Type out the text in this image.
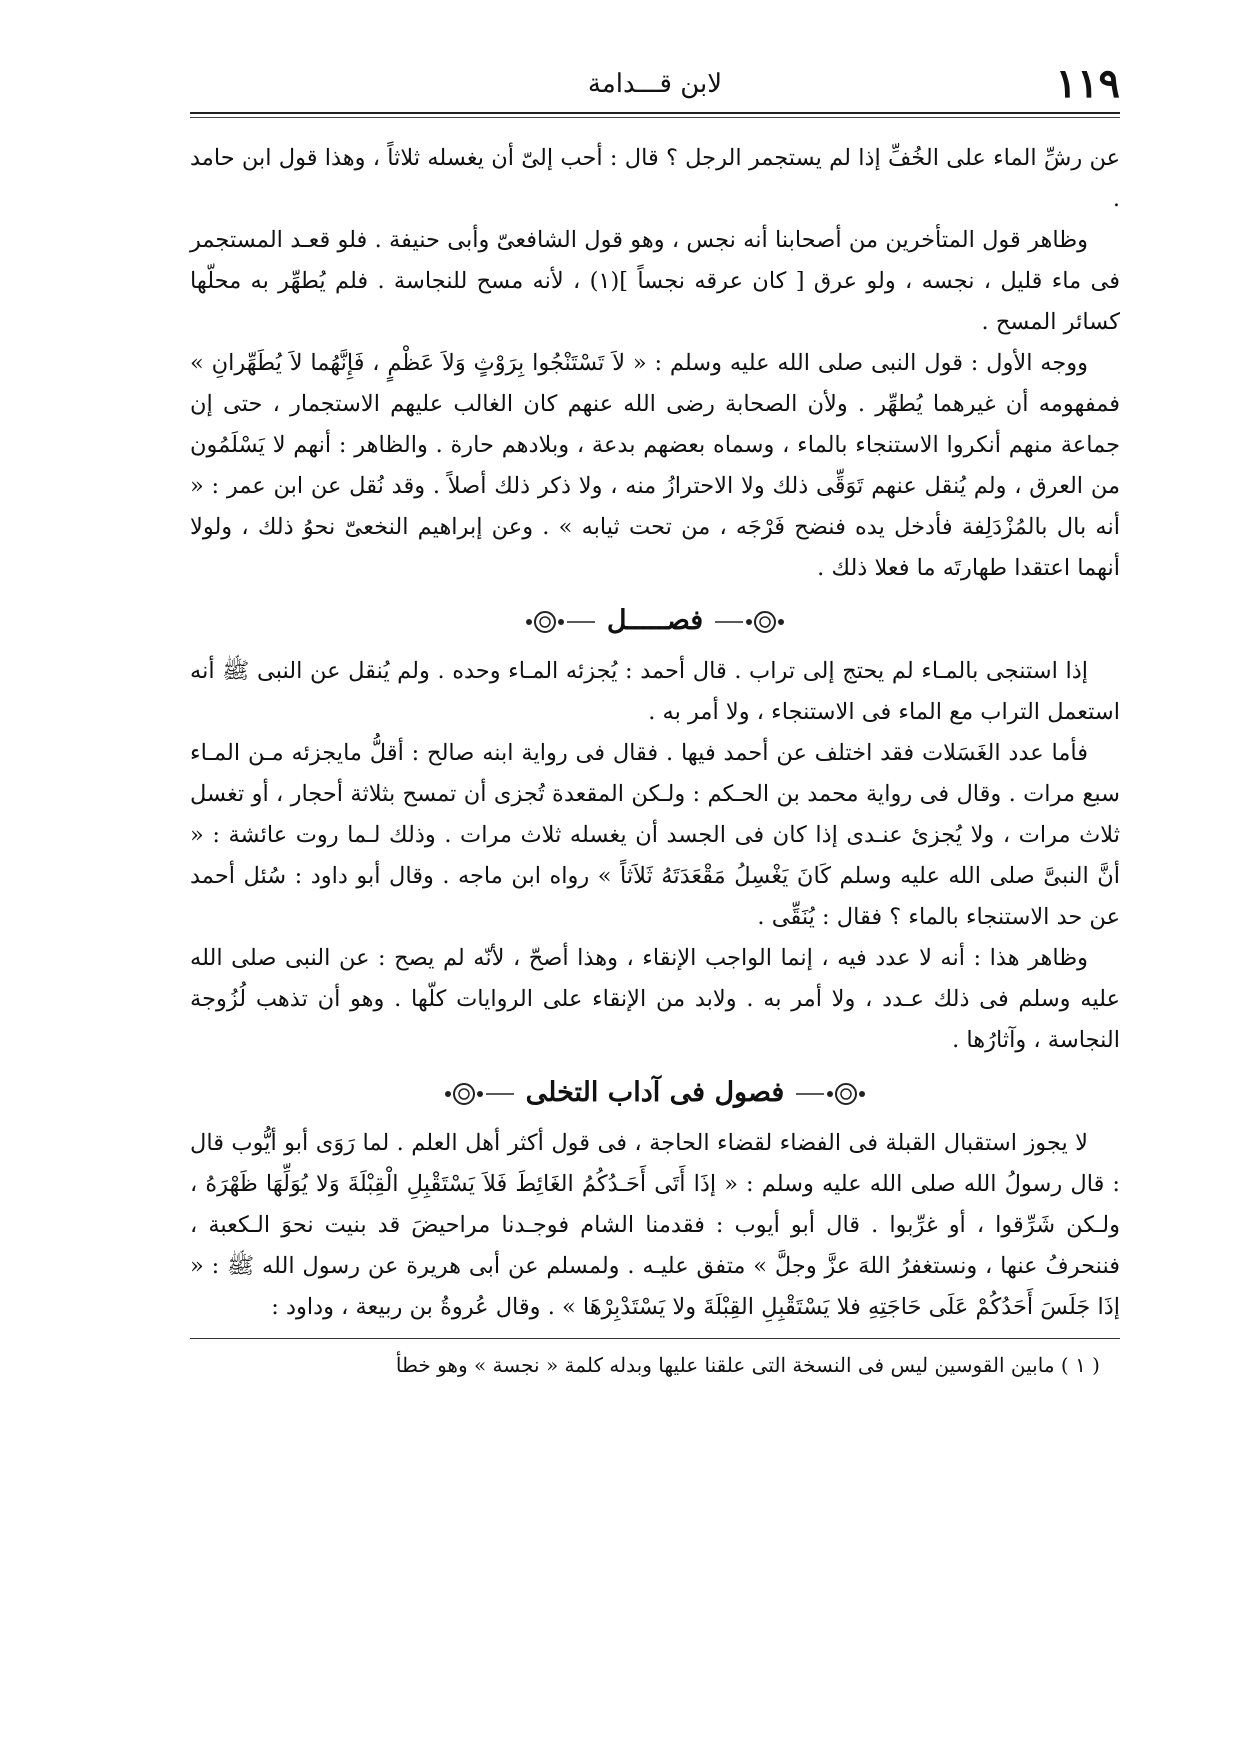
١١٩
لابن قـــدامة

عن رشِّ الماء على الخُفِّ إذا لم يستجمر الرجل ؟ قال : أحب إلىّ أن يغسله ثلاثاً ، وهذا قول ابن حامد .

وظاهر قول المتأخرين من أصحابنا أنه نجس ، وهو قول الشافعىّ وأبى حنيفة . فلو قعـد المستجمر فى ماء قليل ، نجسه ، ولو عرق [ كان عرقه نجساً ](١) ، لأنه مسح للنجاسة . فلم يُطهِّر به محلّها كسائر المسح .

ووجه الأول : قول النبى صلى الله عليه وسلم : « لاَ تَسْتَنْجُوا بِرَوْثٍ وَلاَ عَظْمٍ ، فَإِنَّهُما لاَ يُطَهِّرانِ » فمفهومه أن غيرهما يُطهِّر . ولأن الصحابة رضى الله عنهم كان الغالب عليهم الاستجمار ، حتى إن جماعة منهم أنكروا الاستنجاء بالماء ، وسماه بعضهم بدعة ، وبلادهم حارة . والظاهر : أنهم لا يَسْلَمُون من العرق ، ولم يُنقل عنهم تَوَقِّى ذلك ولا الاحترازُ منه ، ولا ذكر ذلك أصلاً . وقد نُقل عن ابن عمر : « أنه بال بالمُزْدَلِفة فأدخل يده فنضح فَرْجَه ، من تحت ثيابه » . وعن إبراهيم النخعىّ نحوُ ذلك ، ولولا أنهما اعتقدا طهارتَه ما فعلا ذلك .

فصـــــل

إذا استنجى بالمـاء لم يحتج إلى تراب . قال أحمد : يُجزئه المـاء وحده . ولم يُنقل عن النبى ﷺ أنه استعمل التراب مع الماء فى الاستنجاء ، ولا أمر به .

فأما عدد الغَسَلات فقد اختلف عن أحمد فيها . فقال فى رواية ابنه صالح : أقلُّ مايجزئه مـن المـاء سبع مرات . وقال فى رواية محمد بن الحـكم : ولـكن المقعدة تُجزى أن تمسح بثلاثة أحجار ، أو تغسل ثلاث مرات ، ولا يُجزئ عنـدى إذا كان فى الجسد أن يغسله ثلاث مرات . وذلك لـما روت عائشة : « أنَّ النبىَّ صلى الله عليه وسلم كَانَ يَغْسِلُ مَقْعَدَتَهُ ثَلاَثاً » رواه ابن ماجه . وقال أبو داود : سُئل أحمد عن حد الاستنجاء بالماء ؟ فقال : يُنَقِّى .

وظاهر هذا : أنه لا عدد فيه ، إنما الواجب الإنقاء ، وهذا أصحّ ، لأنّه لم يصح : عن النبى صلى الله عليه وسلم فى ذلك عـدد ، ولا أمر به . ولابد من الإنقاء على الروايات كلّها . وهو أن تذهب لُزُوجة النجاسة ، وآثارُها .

فصول فى آداب التخلى

لا يجوز استقبال القبلة فى الفضاء لقضاء الحاجة ، فى قول أكثر أهل العلم . لما رَوَى أبو أيُّوب قال : قال رسولُ الله صلى الله عليه وسلم : « إذَا أَتَى أَحَـدُكُمُ الغَائِطَ فَلاَ يَسْتَقْبِلِ الْقِبْلَةَ وَلا يُوَلِّهَا ظَهْرَهُ ، ولـكن شَرِّقوا ، أو غرِّبوا . قال أبو أيوب : فقدمنا الشام فوجـدنا مراحيضَ قد بنيت نحوَ الـكعبة ، فننحرفُ عنها ، ونستغفرُ اللهَ عزَّ وجلَّ » متفق عليـه . ولمسلم عن أبى هريرة عن رسول الله ﷺ : « إذَا جَلَسَ أَحَدُكُمْ عَلَى حَاجَتِهِ فلا يَسْتَقْبِلِ القِبْلَةَ ولا يَسْتَدْبِرْهَا » . وقال عُروةُ بن ربيعة ، وداود :

( ١ ) مابين القوسين ليس فى النسخة التى علقنا عليها وبدله كلمة « نجسة » وهو خطأ
